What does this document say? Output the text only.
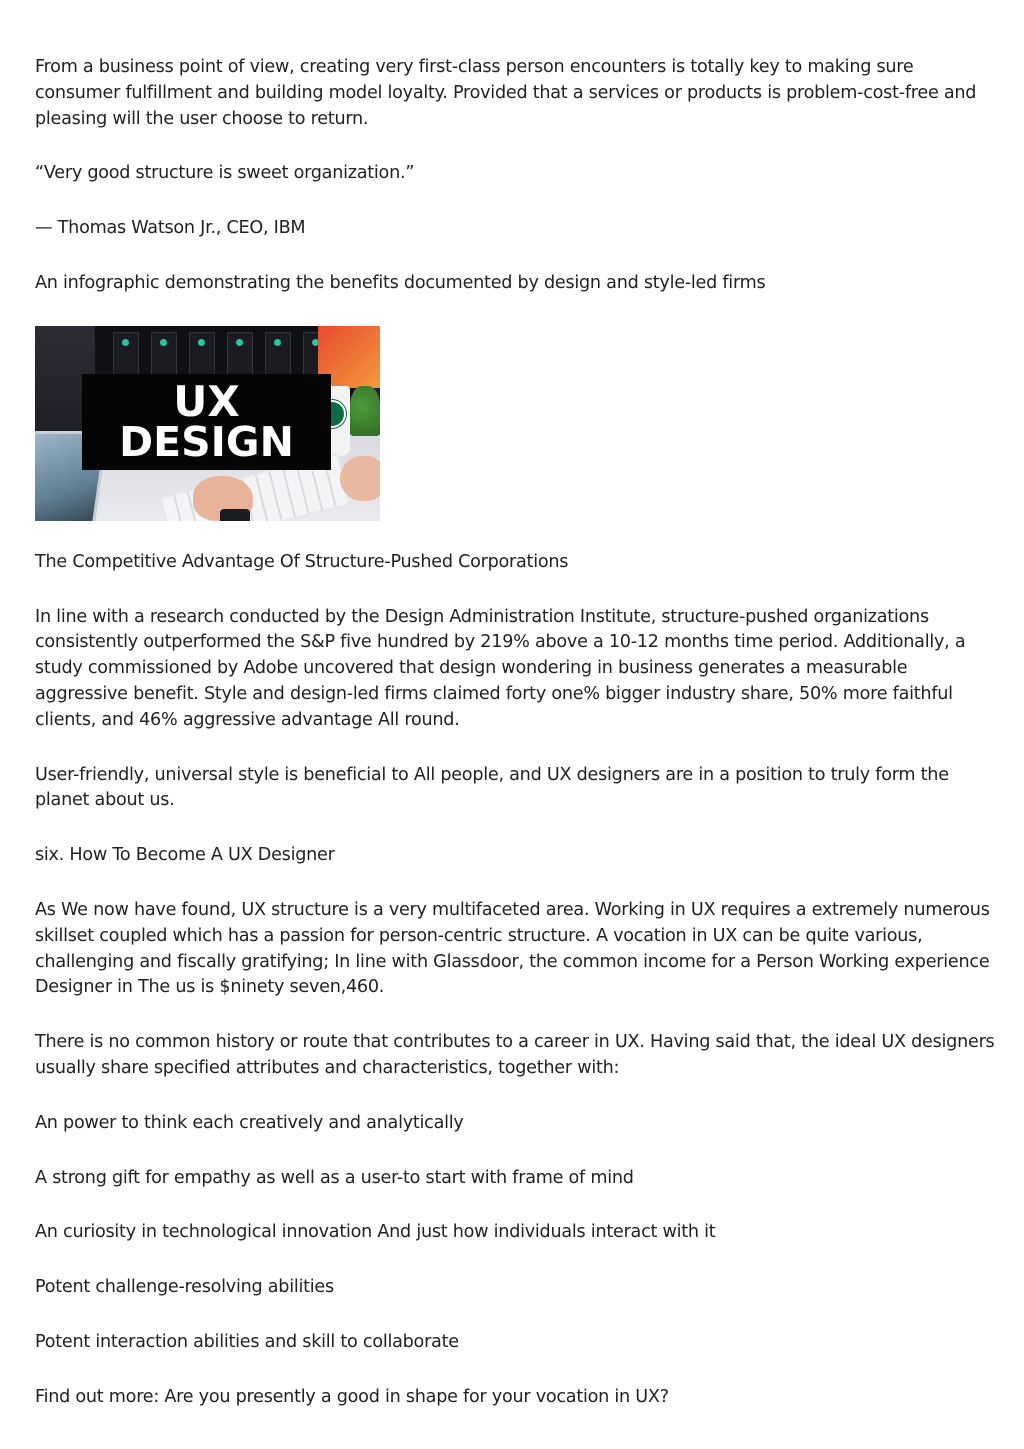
From a business point of view, creating very first-class person encounters is totally key to making sure consumer fulfillment and building model loyalty. Provided that a services or products is problem-cost-free and pleasing will the user choose to return.

“Very good structure is sweet organization.”

— Thomas Watson Jr., CEO, IBM

An infographic demonstrating the benefits documented by design and style-led firms

UX
DESIGN

The Competitive Advantage Of Structure-Pushed Corporations

In line with a research conducted by the Design Administration Institute, structure-pushed organizations consistently outperformed the S&P five hundred by 219% above a 10-12 months time period. Additionally, a study commissioned by Adobe uncovered that design wondering in business generates a measurable aggressive benefit. Style and design-led firms claimed forty one% bigger industry share, 50% more faithful clients, and 46% aggressive advantage All round.

User-friendly, universal style is beneficial to All people, and UX designers are in a position to truly form the planet about us.

six. How To Become A UX Designer

As We now have found, UX structure is a very multifaceted area. Working in UX requires a extremely numerous skillset coupled which has a passion for person-centric structure. A vocation in UX can be quite various, challenging and fiscally gratifying; In line with Glassdoor, the common income for a Person Working experience Designer in The us is $ninety seven,460.

There is no common history or route that contributes to a career in UX. Having said that, the ideal UX designers usually share specified attributes and characteristics, together with:

An power to think each creatively and analytically

A strong gift for empathy as well as a user-to start with frame of mind

An curiosity in technological innovation And just how individuals interact with it

Potent challenge-resolving abilities

Potent interaction abilities and skill to collaborate

Find out more: Are you presently a good in shape for your vocation in UX?
